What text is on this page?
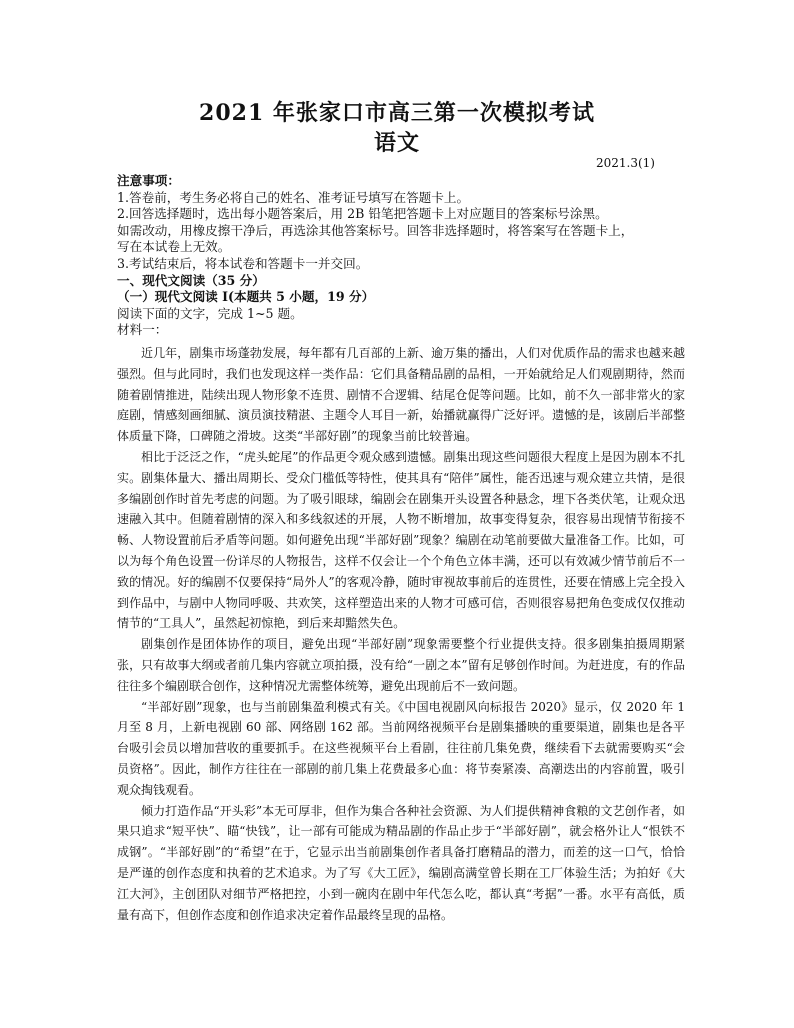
2021 年张家口市高三第一次模拟考试
语文
2021.3(1)

注意事项：

1.答卷前，考生务必将自己的姓名、准考证号填写在答题卡上。

2.回答选择题时，选出每小题答案后，用 2B 铅笔把答题卡上对应题目的答案标号涂黑。

如需改动，用橡皮擦干净后，再选涂其他答案标号。回答非选择题时，将答案写在答题卡上，

写在本试卷上无效。

3.考试结束后，将本试卷和答题卡一并交回。

一、现代文阅读（35 分）

（一）现代文阅读 I(本题共 5 小题，19 分）

阅读下面的文字，完成 1~5 题。

材料一：

近几年，剧集市场蓬勃发展，每年都有几百部的上新、逾万集的播出，人们对优质作品的需求也越来越强烈。但与此同时，我们也发现这样一类作品：它们具备精品剧的品相，一开始就给足人们观剧期待，然而随着剧情推进，陆续出现人物形象不连贯、剧情不合逻辑、结尾仓促等问题。比如，前不久一部非常火的家庭剧，情感刻画细腻、演员演技精湛、主题令人耳目一新，始播就赢得广泛好评。遗憾的是，该剧后半部整体质量下降，口碑随之滑坡。这类“半部好剧”的现象当前比较普遍。

相比于泛泛之作，“虎头蛇尾”的作品更令观众感到遗憾。剧集出现这些问题很大程度上是因为剧本不扎实。剧集体量大、播出周期长、受众门槛低等特性，使其具有“陪伴”属性，能否迅速与观众建立共情，是很多编剧创作时首先考虑的问题。为了吸引眼球，编剧会在剧集开头设置各种悬念，埋下各类伏笔，让观众迅速融入其中。但随着剧情的深入和多线叙述的开展，人物不断增加，故事变得复杂，很容易出现情节衔接不畅、人物设置前后矛盾等问题。如何避免出现“半部好剧”现象？编剧在动笔前要做大量准备工作。比如，可以为每个角色设置一份详尽的人物报告，这样不仅会让一个个角色立体丰满，还可以有效减少情节前后不一致的情况。好的编剧不仅要保持“局外人”的客观冷静，随时审视故事前后的连贯性，还要在情感上完全投入到作品中，与剧中人物同呼吸、共欢笑，这样塑造出来的人物才可感可信，否则很容易把角色变成仅仅推动情节的“工具人”，虽然起初惊艳，到后来却黯然失色。

剧集创作是团体协作的项目，避免出现“半部好剧”现象需要整个行业提供支持。很多剧集拍摄周期紧张，只有故事大纲或者前几集内容就立项拍摄，没有给“一剧之本”留有足够创作时间。为赶进度，有的作品往往多个编剧联合创作，这种情况尤需整体统筹，避免出现前后不一致问题。

“半部好剧”现象，也与当前剧集盈利模式有关。《中国电视剧风向标报告 2020》显示，仅 2020 年 1 月至 8 月，上新电视剧 60 部、网络剧 162 部。当前网络视频平台是剧集播映的重要渠道，剧集也是各平台吸引会员以增加营收的重要抓手。在这些视频平台上看剧，往往前几集免费，继续看下去就需要购买“会员资格”。因此，制作方往往在一部剧的前几集上花费最多心血：将节奏紧凑、高潮迭出的内容前置，吸引观众掏钱观看。

倾力打造作品“开头彩”本无可厚非，但作为集合各种社会资源、为人们提供精神食粮的文艺创作者，如果只追求“短平快”、瞄“快钱”，让一部有可能成为精品剧的作品止步于“半部好剧”，就会格外让人“恨铁不成钢”。“半部好剧”的“希望”在于，它显示出当前剧集创作者具备打磨精品的潜力，而差的这一口气，恰恰是严谨的创作态度和执着的艺术追求。为了写《大工匠》，编剧高满堂曾长期在工厂体验生活；为拍好《大江大河》，主创团队对细节严格把控，小到一碗肉在剧中年代怎么吃，都认真“考据”一番。水平有高低，质量有高下，但创作态度和创作追求决定着作品最终呈现的品格。
